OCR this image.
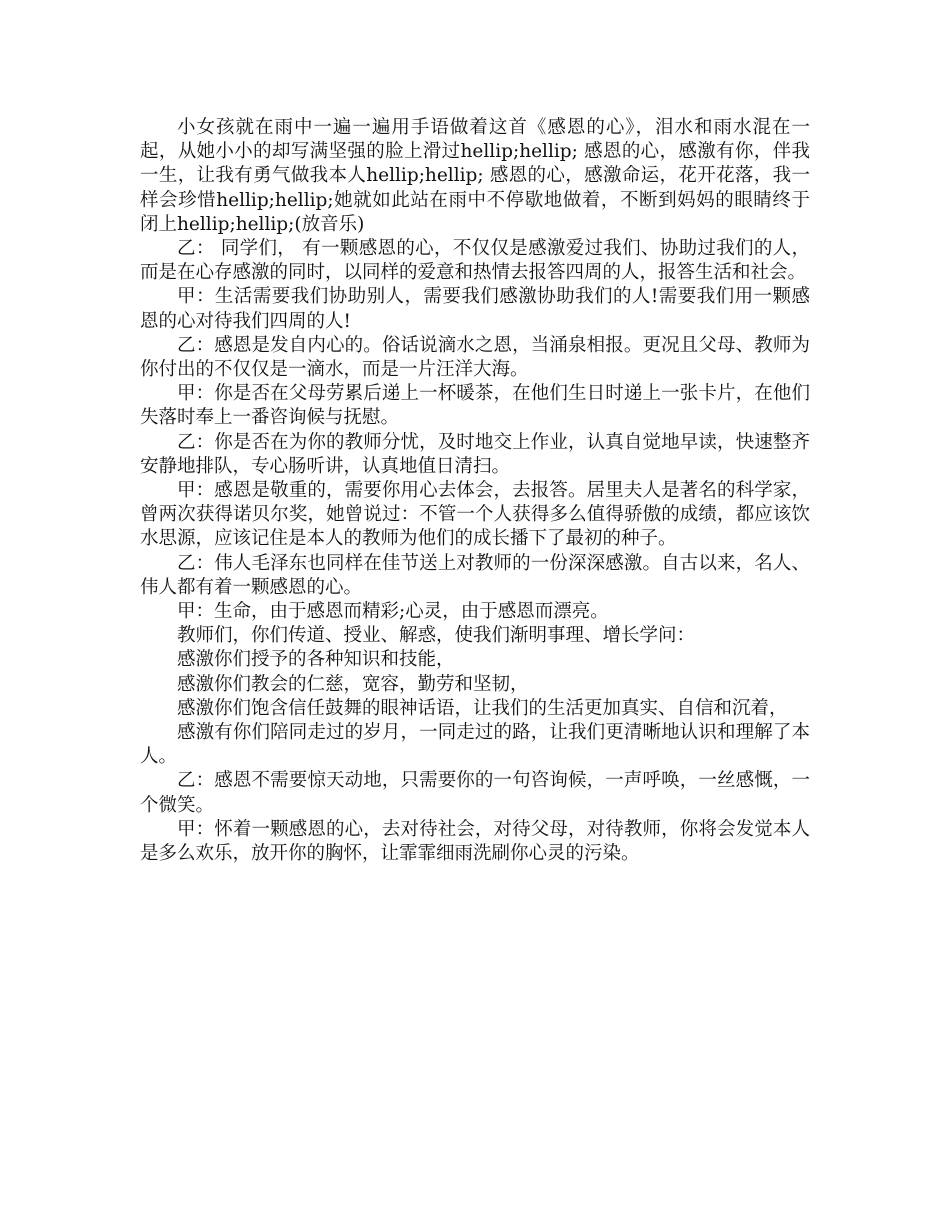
小女孩就在雨中一遍一遍用手语做着这首《感恩的心》，泪水和雨水混在一起，从她小小的却写满坚强的脸上滑过hellip;hellip; 感恩的心，感激有你，伴我一生，让我有勇气做我本人hellip;hellip; 感恩的心，感激命运，花开花落，我一样会珍惜hellip;hellip;她就如此站在雨中不停歇地做着，不断到妈妈的眼睛终于闭上hellip;hellip;(放音乐)

乙： 同学们， 有一颗感恩的心，不仅仅是感激爱过我们、协助过我们的人，而是在心存感激的同时，以同样的爱意和热情去报答四周的人，报答生活和社会。

甲：生活需要我们协助别人，需要我们感激协助我们的人!需要我们用一颗感恩的心对待我们四周的人!

乙：感恩是发自内心的。俗话说滴水之恩，当涌泉相报。更况且父母、教师为你付出的不仅仅是一滴水，而是一片汪洋大海。

甲：你是否在父母劳累后递上一杯暖茶，在他们生日时递上一张卡片，在他们失落时奉上一番咨询候与抚慰。

乙：你是否在为你的教师分忧，及时地交上作业，认真自觉地早读，快速整齐安静地排队，专心肠听讲，认真地值日清扫。

甲：感恩是敬重的，需要你用心去体会，去报答。居里夫人是著名的科学家，曾两次获得诺贝尔奖，她曾说过：不管一个人获得多么值得骄傲的成绩，都应该饮水思源，应该记住是本人的教师为他们的成长播下了最初的种子。

乙：伟人毛泽东也同样在佳节送上对教师的一份深深感激。自古以来，名人、伟人都有着一颗感恩的心。

甲：生命，由于感恩而精彩;心灵，由于感恩而漂亮。

教师们，你们传道、授业、解惑，使我们渐明事理、增长学问：

感激你们授予的各种知识和技能，

感激你们教会的仁慈，宽容，勤劳和坚韧，

感激你们饱含信任鼓舞的眼神话语，让我们的生活更加真实、自信和沉着，

感激有你们陪同走过的岁月，一同走过的路，让我们更清晰地认识和理解了本人。

乙：感恩不需要惊天动地，只需要你的一句咨询候，一声呼唤，一丝感慨，一个微笑。

甲：怀着一颗感恩的心，去对待社会，对待父母，对待教师，你将会发觉本人是多么欢乐，放开你的胸怀，让霏霏细雨洗刷你心灵的污染。
